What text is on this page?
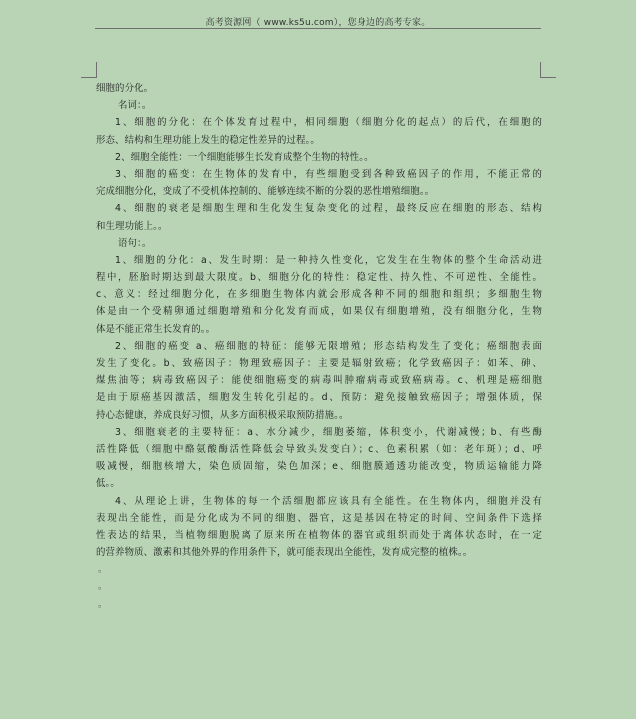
高考资源网（ www.ks5u.com），您身边的高考专家。
细胞的分化。
名词：。
1、细胞的分化：在个体发育过程中，相同细胞（细胞分化的起点）的后代，在细胞的
形态、结构和生理功能上发生的稳定性差异的过程。。
2、细胞全能性：一个细胞能够生长发育成整个生物的特性。。
3、细胞的癌变：在生物体的发育中，有些细胞受到各种致癌因子的作用，不能正常的
完成细胞分化，变成了不受机体控制的、能够连续不断的分裂的恶性增殖细胞。。
4、细胞的衰老是细胞生理和生化发生复杂变化的过程，最终反应在细胞的形态、结构
和生理功能上。。
语句：。
1、细胞的分化：a、发生时期：是一种持久性变化，它发生在生物体的整个生命活动进
程中，胚胎时期达到最大限度。b、细胞分化的特性：稳定性、持久性、不可逆性、全能性。
c、意义：经过细胞分化，在多细胞生物体内就会形成各种不同的细胞和组织；多细胞生物
体是由一个受精卵通过细胞增殖和分化发育而成，如果仅有细胞增殖，没有细胞分化，生物
体是不能正常生长发育的。。
2、细胞的癌变 a、癌细胞的特征：能够无限增殖；形态结构发生了变化；癌细胞表面
发生了变化。b、致癌因子：物理致癌因子：主要是辐射致癌；化学致癌因子：如苯、砷、
煤焦油等；病毒致癌因子：能使细胞癌变的病毒叫肿瘤病毒或致癌病毒。c、机理是癌细胞
是由于原癌基因激活，细胞发生转化引起的。d、预防：避免接触致癌因子；增强体质，保
持心态健康，养成良好习惯，从多方面积极采取预防措施。。
3、细胞衰老的主要特征：a、水分减少，细胞萎缩，体积变小，代谢减慢；b、有些酶
活性降低（细胞中酪氨酸酶活性降低会导致头发变白）；c、色素积累（如：老年斑）；d、呼
吸减慢，细胞核增大，染色质固缩，染色加深；e、细胞膜通透功能改变，物质运输能力降
低。。
4、从理论上讲，生物体的每一个活细胞都应该具有全能性。在生物体内，细胞并没有
表现出全能性，而是分化成为不同的细胞、器官，这是基因在特定的时间、空间条件下选择
性表达的结果，当植物细胞脱离了原来所在植物体的器官或组织而处于离体状态时，在一定
的营养物质、激素和其他外界的作用条件下，就可能表现出全能性，发育成完整的植株。。
。
。
。
